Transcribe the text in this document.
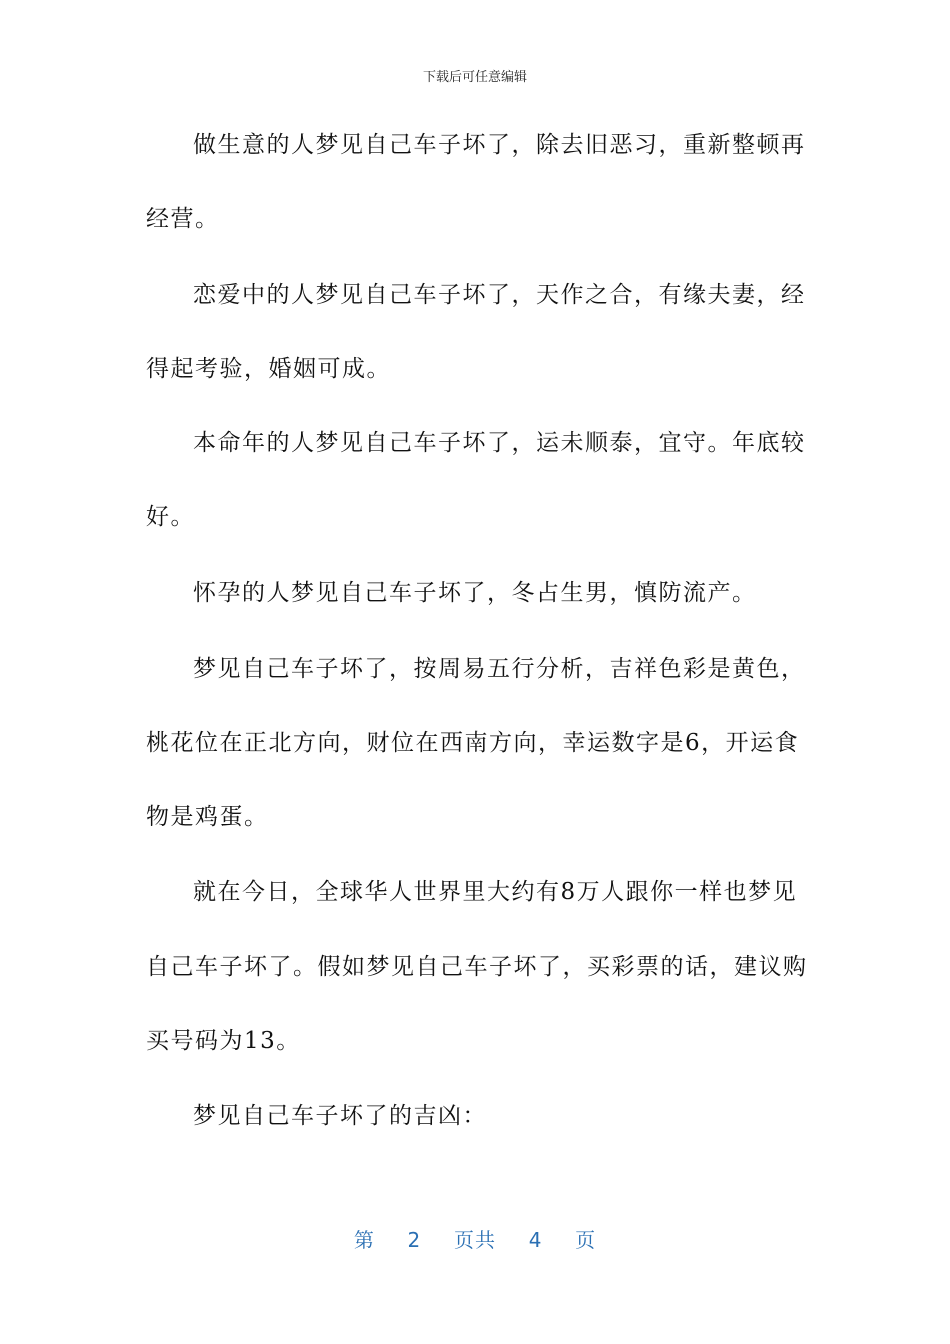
下载后可任意编辑
做生意的人梦见自己车子坏了，除去旧恶习，重新整顿再
经营。
恋爱中的人梦见自己车子坏了，天作之合，有缘夫妻，经
得起考验，婚姻可成。
本命年的人梦见自己车子坏了，运未顺泰，宜守。年底较
好。
怀孕的人梦见自己车子坏了，冬占生男，慎防流产。
梦见自己车子坏了，按周易五行分析，吉祥色彩是黄色，
桃花位在正北方向，财位在西南方向，幸运数字是6，开运食
物是鸡蛋。
就在今日，全球华人世界里大约有8万人跟你一样也梦见
自己车子坏了。假如梦见自己车子坏了，买彩票的话，建议购
买号码为13。
梦见自己车子坏了的吉凶：
第 2 页共 4 页
